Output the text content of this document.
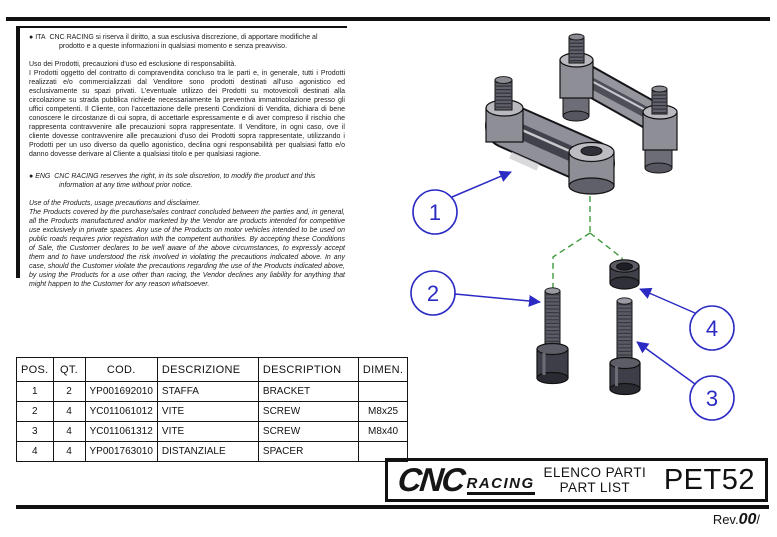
● ITA CNC RACING si riserva il diritto, a sua esclusiva discrezione, di apportare modifiche al prodotto e a queste informazioni in qualsiasi momento e senza preavviso.

Uso dei Prodotti, precauzioni d'uso ed esclusione di responsabilità.

I Prodotti oggetto del contratto di compravendita concluso tra le parti e, in generale, tutti i Prodotti realizzati e/o commercializzati dal Venditore sono prodotti destinati all'uso agonistico ed esclusivamente su spazi privati. L'eventuale utilizzo dei Prodotti su motoveicoli destinati alla circolazione su strada pubblica richiede necessariamente la preventiva immatricolazione presso gli uffici competenti. Il Cliente, con l'accettazione delle presenti Condizioni di Vendita, dichiara di bene conoscere le circostanze di cui sopra, di accettarle espressamente e di aver compreso il rischio che rappresenta contravvenire alle precauzioni sopra rappresentate. Il Venditore, in ogni caso, ove il cliente dovesse contravvenire alle precauzioni d'uso dei Prodotti sopra rappresentate, utilizzando i Prodotti per un uso diverso da quello agonistico, declina ogni responsabilità per qualsiasi fatto e/o danno dovesse derivare al Cliente a qualsiasi titolo e per qualsiasi ragione.

● ENG CNC RACING reserves the right, in its sole discretion, to modify the product and this information at any time without prior notice.

Use of the Products, usage precautions and disclaimer.

The Products covered by the purchase/sales contract concluded between the parties and, in general, all the Products manufactured and/or marketed by the Vendor are products intended for competitive use exclusively in private spaces. Any use of the Products on motor vehicles intended to be used on public roads requires prior registration with the competent authorities. By accepting these Conditions of Sale, the Customer declares to be well aware of the above circumstances, to expressly accept them and to have understood the risk involved in violating the precautions indicated above. In any case, should the Customer violate the precautions regarding the use of the Products indicated above, by using the Products for a use other than racing, the Vendor declines any liability for anything that might happen to the Customer for any reason whatsoever.

1
2
3
4
POS.	QT.	COD.	DESCRIZIONE	DESCRIPTION	DIMEN.
1	2	YP001692010	STAFFA	BRACKET	
2	4	YC011061012	VITE	SCREW	M8x25
3	4	YC011061312	VITE	SCREW	M8x40
4	4	YP001763010	DISTANZIALE	SPACER	
CNC RACING
ELENCO PARTI
PART LIST	PET52
Rev.00/
